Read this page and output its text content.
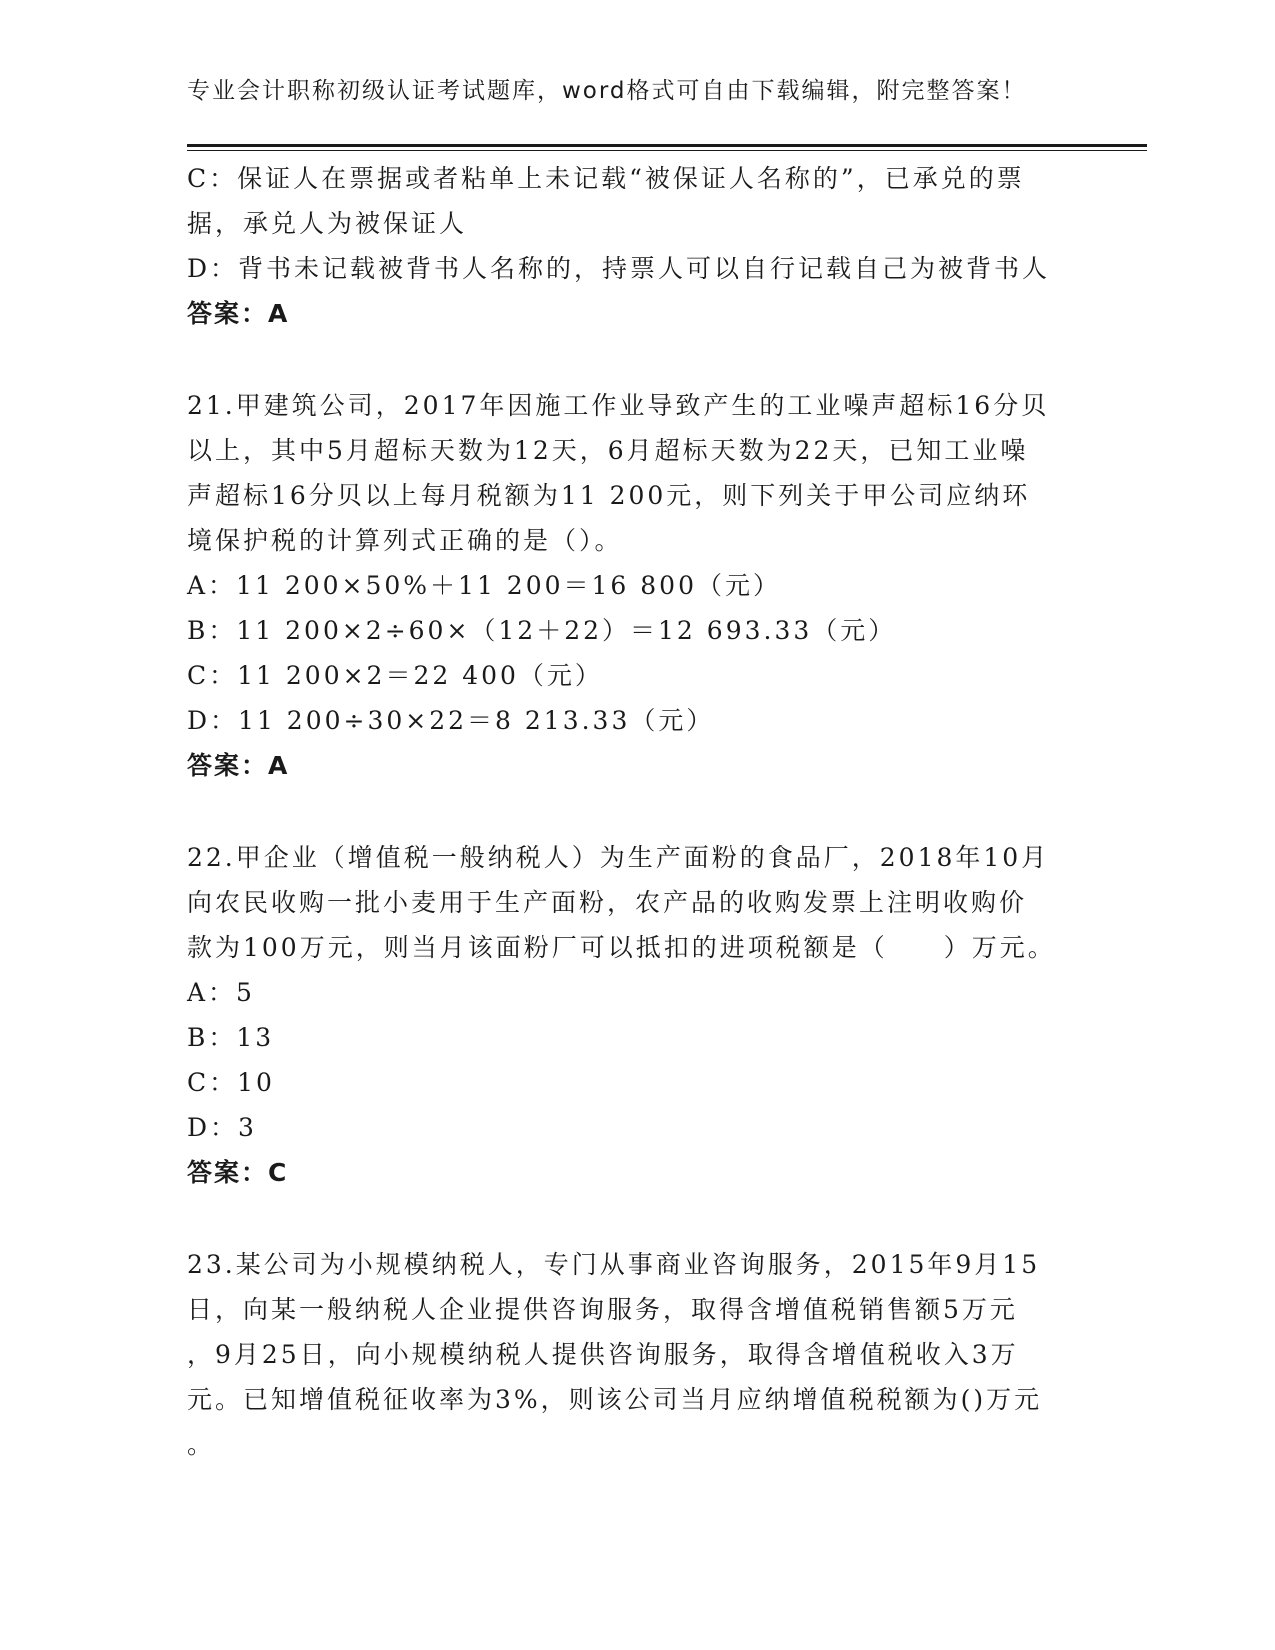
专业会计职称初级认证考试题库，word格式可自由下载编辑，附完整答案！
C：保证人在票据或者粘单上未记载“被保证人名称的”，已承兑的票
据，承兑人为被保证人
D：背书未记载被背书人名称的，持票人可以自行记载自己为被背书人
答案：A
21.甲建筑公司，2017年因施工作业导致产生的工业噪声超标16分贝
以上，其中5月超标天数为12天，6月超标天数为22天，已知工业噪
声超标16分贝以上每月税额为11 200元，则下列关于甲公司应纳环
境保护税的计算列式正确的是（）。
A：11 200×50%＋11 200＝16 800（元）
B：11 200×2÷60×（12＋22）＝12 693.33（元）
C：11 200×2＝22 400（元）
D：11 200÷30×22＝8 213.33（元）
答案：A
22.甲企业（增值税一般纳税人）为生产面粉的食品厂，2018年10月
向农民收购一批小麦用于生产面粉，农产品的收购发票上注明收购价
款为100万元，则当月该面粉厂可以抵扣的进项税额是（　　）万元。
A：5
B：13
C：10
D：3
答案：C
23.某公司为小规模纳税人，专门从事商业咨询服务，2015年9月15
日，向某一般纳税人企业提供咨询服务，取得含增值税销售额5万元
，9月25日，向小规模纳税人提供咨询服务，取得含增值税收入3万
元。已知增值税征收率为3%，则该公司当月应纳增值税税额为()万元
。
